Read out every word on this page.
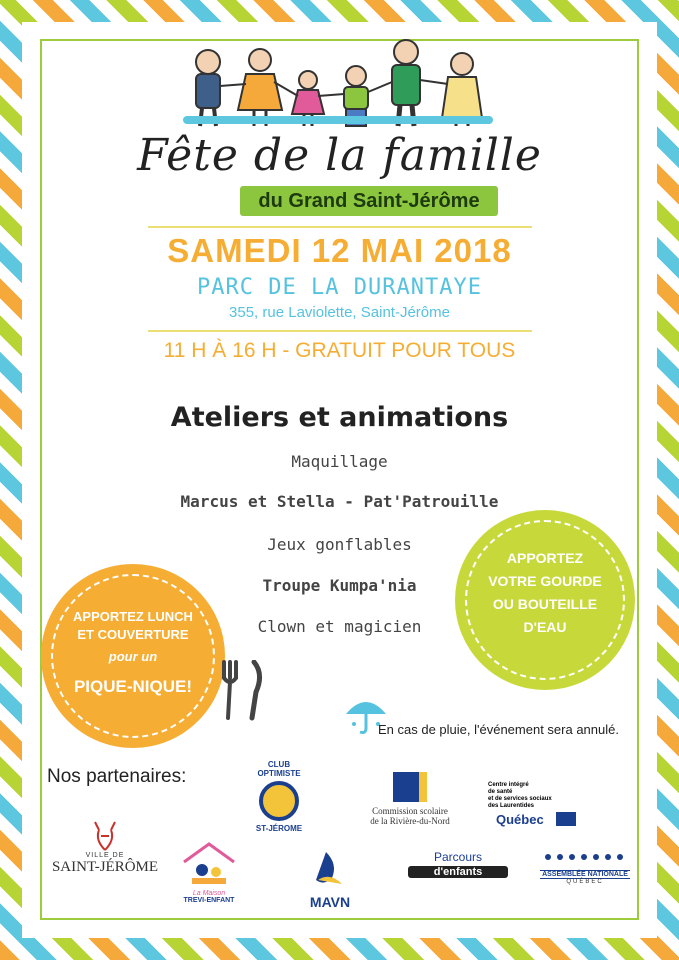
Fête de la famille
du Grand Saint-Jérôme
SAMEDI 12 MAI 2018
PARC DE LA DURANTAYE
355, rue Laviolette, Saint-Jérôme
11 H À 16 H - GRATUIT POUR TOUS
Ateliers et animations
Maquillage
Marcus et Stella - Pat'Patrouille
Jeux gonflables
Troupe Kumpa'nia
Clown et magicien
APPORTEZ LUNCH
ET COUVERTURE
pour un
PIQUE-NIQUE!
APPORTEZ
VOTRE GOURDE
OU BOUTEILLE
D'EAU
En cas de pluie, l'événement sera annulé.
Nos partenaires:
CLUB OPTIMISTE
ST-JÉROME
Commission scolaire
de la Rivière-du-Nord
Centre intégré
de santé
et de services sociaux
des Laurentides
Québec
VILLE DE
SAINT-JÉRÔME
La Maison
TREVI-ENFANT	MAVN
Parcours
d'enfants	ASSEMBLÉE NATIONALE
QUÉBEC
